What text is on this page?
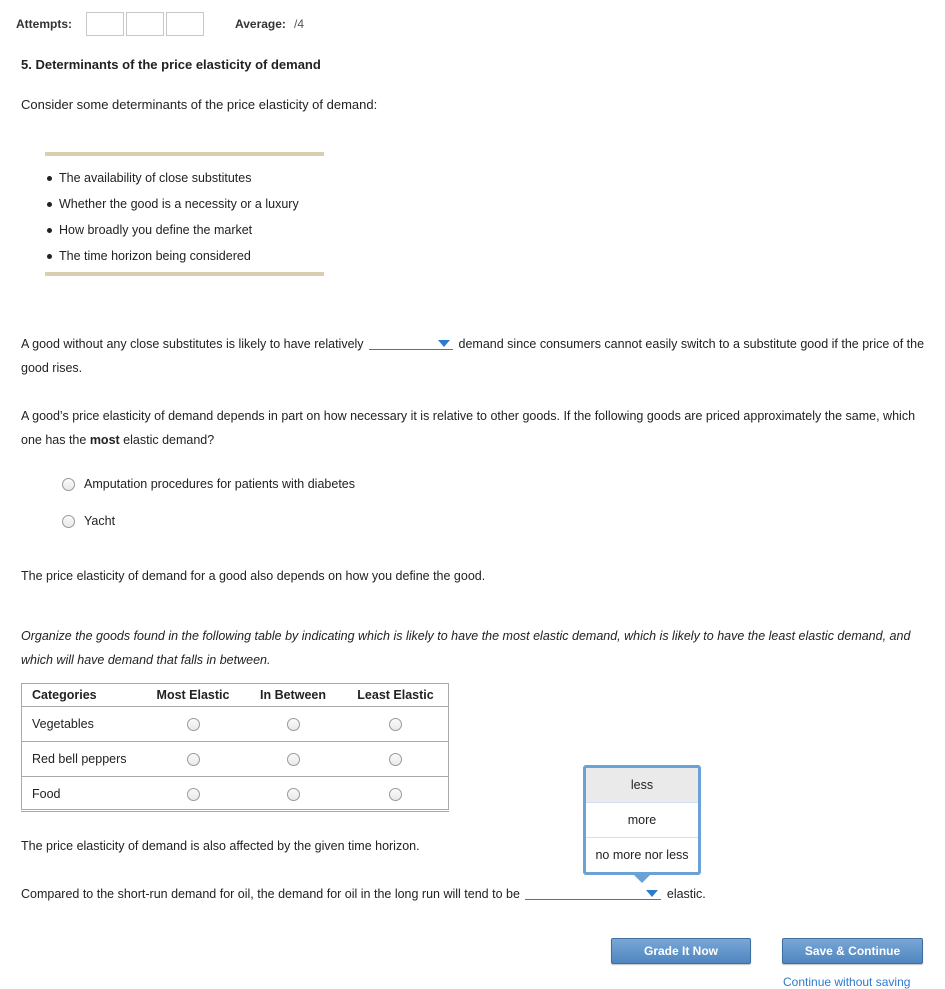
Attempts:	Average: /4
5. Determinants of the price elasticity of demand
Consider some determinants of the price elasticity of demand:
The availability of close substitutes
Whether the good is a necessity or a luxury
How broadly you define the market
The time horizon being considered
A good without any close substitutes is likely to have relatively	demand since consumers cannot easily switch to a substitute good if the price of the good rises.
A good’s price elasticity of demand depends in part on how necessary it is relative to other goods. If the following goods are priced approximately the same, which one has the most elastic demand?
Amputation procedures for patients with diabetes
Yacht
The price elasticity of demand for a good also depends on how you define the good.
Organize the goods found in the following table by indicating which is likely to have the most elastic demand, which is likely to have the least elastic demand, and which will have demand that falls in between.
Categories	Most Elastic	In Between	Least Elastic
Vegetables			
Red bell peppers			
Food			
The price elasticity of demand is also affected by the given time horizon.
Compared to the short-run demand for oil, the demand for oil in the long run will tend to be	elastic.
less
more
no more nor less
Grade It Now	Save & Continue
Continue without saving
